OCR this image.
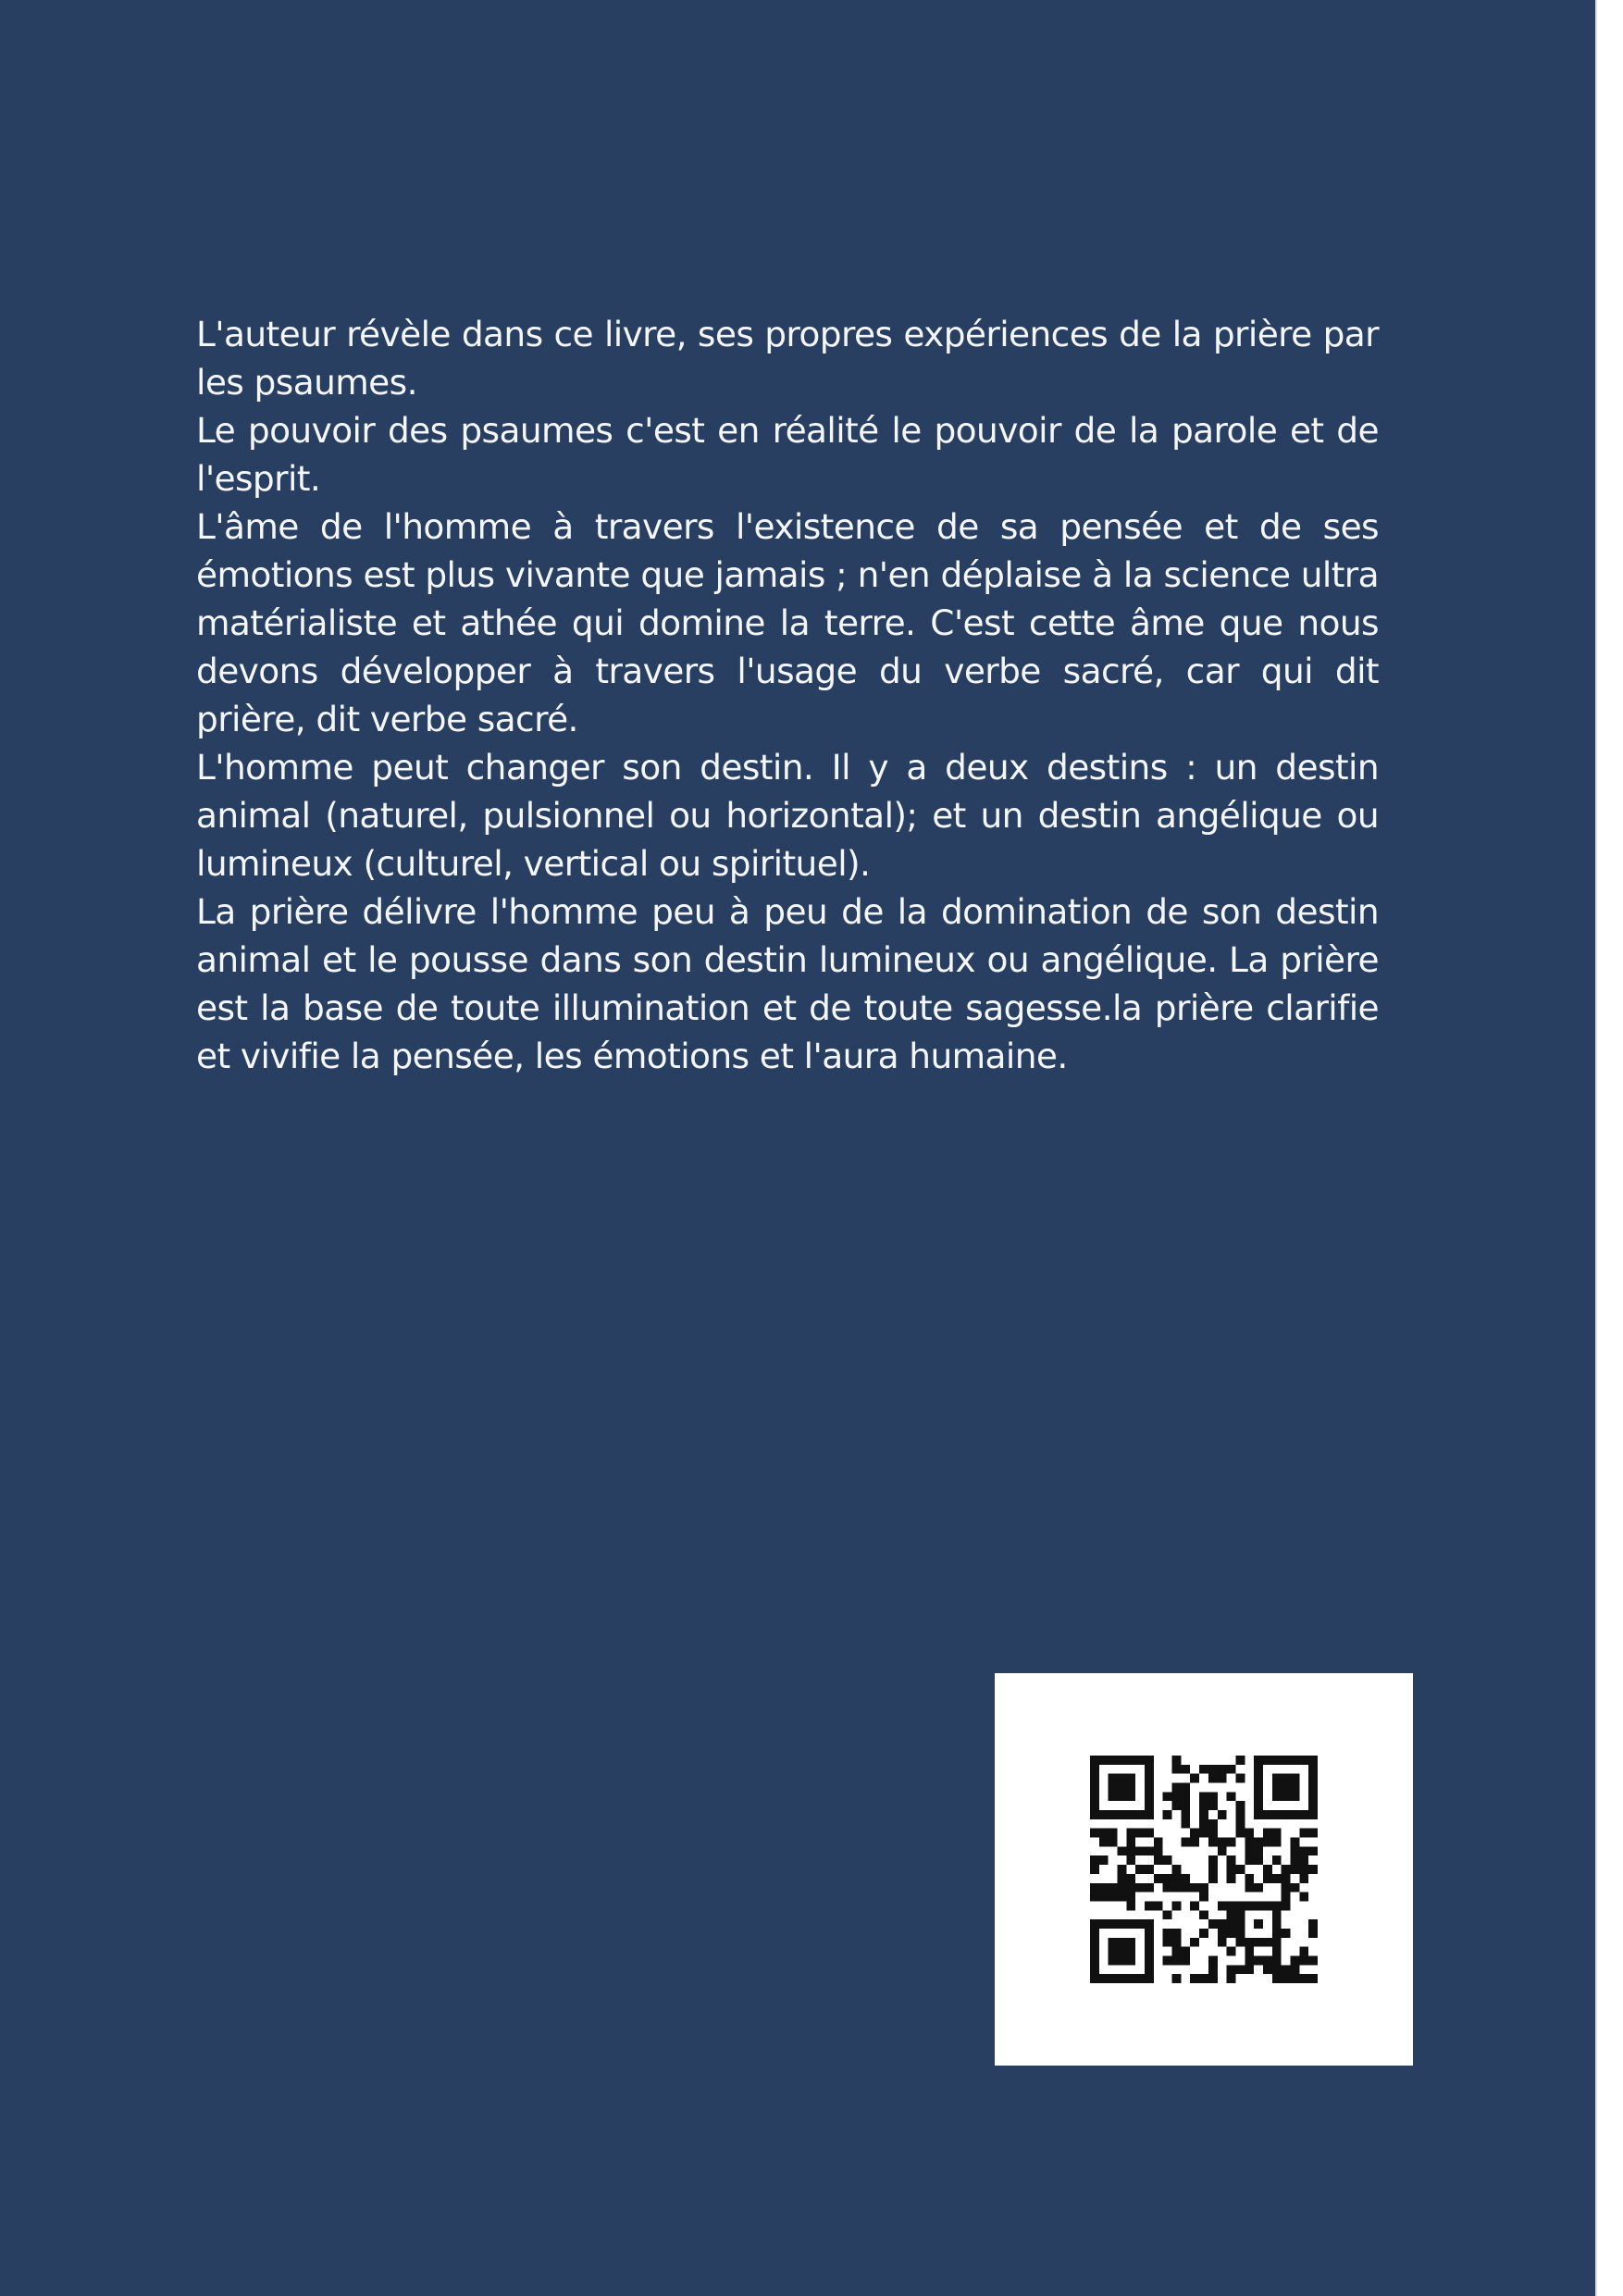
L'auteur révèle dans ce livre, ses propres expériences de la prière par les psaumes.

Le pouvoir des psaumes c'est en réalité le pouvoir de la parole et de l'esprit.

L'âme de l'homme à travers l'existence de sa pensée et de ses émotions est plus vivante que jamais ; n'en déplaise à la science ultra matérialiste et athée qui domine la terre. C'est cette âme que nous devons développer à travers l'usage du verbe sacré, car qui dit prière, dit verbe sacré.

L'homme peut changer son destin. Il y a deux destins : un destin animal (naturel, pulsionnel ou horizontal); et un destin angélique ou lumineux (culturel, vertical ou spirituel).

La prière délivre l'homme peu à peu de la domination de son destin animal et le pousse dans son destin lumineux ou angélique. La prière est la base de toute illumination et de toute sagesse.la prière clarifie et vivifie la pensée, les émotions et l'aura humaine.
